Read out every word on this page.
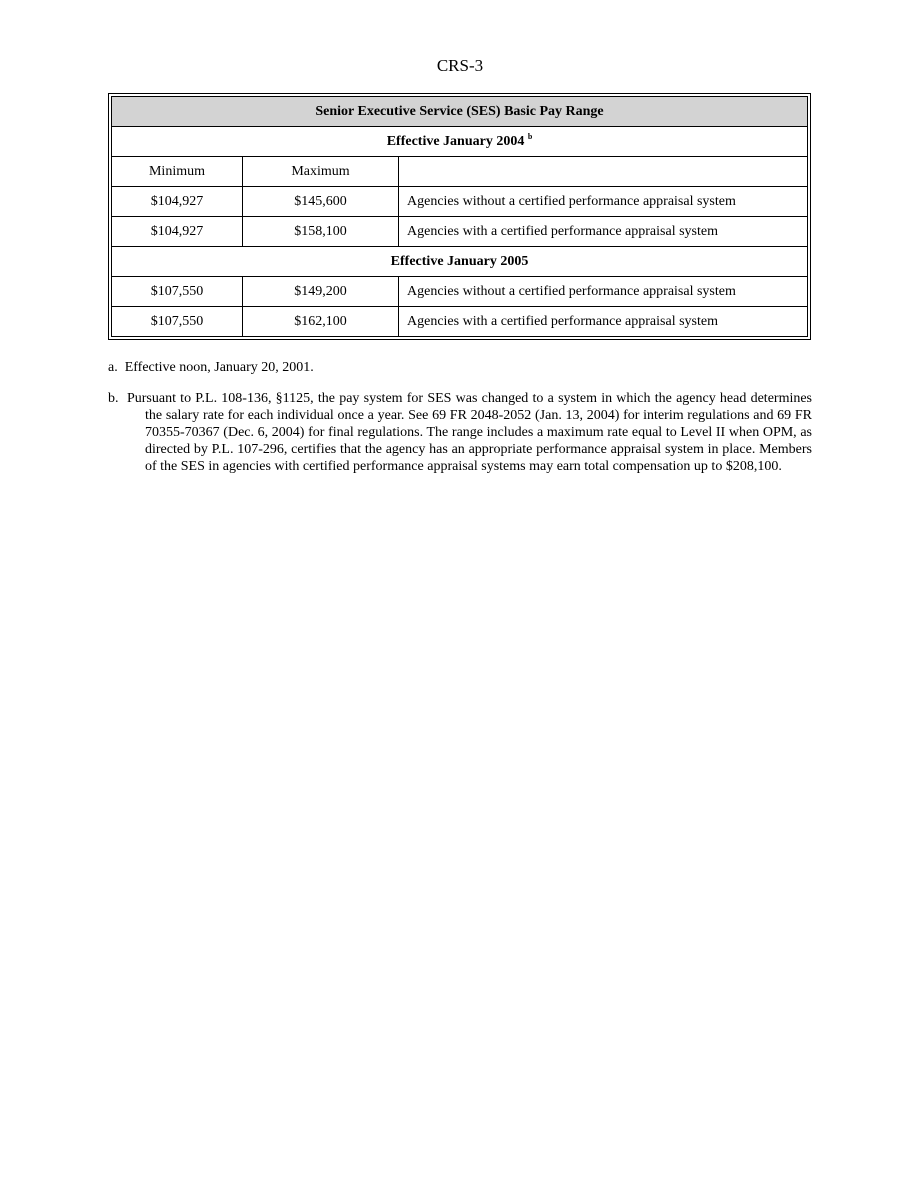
CRS-3
Senior Executive Service (SES) Basic Pay Range		
Effective January 2004 $^b$
Minimum	Maximum	
$104,927	$145,600	Agencies without a certified performance appraisal system
$104,927	$158,100	Agencies with a certified performance appraisal system
Effective January 2005		
$107,550	$149,200	Agencies without a certified performance appraisal system
$107,550	$162,100	Agencies with a certified performance appraisal system

a. Effective noon, January 20, 2001.

b. Pursuant to P.L. 108-136, §1125, the pay system for SES was changed to a system in which the agency head determines the salary rate for each individual once a year. See 69 FR 2048-2052 (Jan. 13, 2004) for interim regulations and 69 FR 70355-70367 (Dec. 6, 2004) for final regulations. The range includes a maximum rate equal to Level II when OPM, as directed by P.L. 107-296, certifies that the agency has an appropriate performance appraisal system in place. Members of the SES in agencies with certified performance appraisal systems may earn total compensation up to $208,100.
